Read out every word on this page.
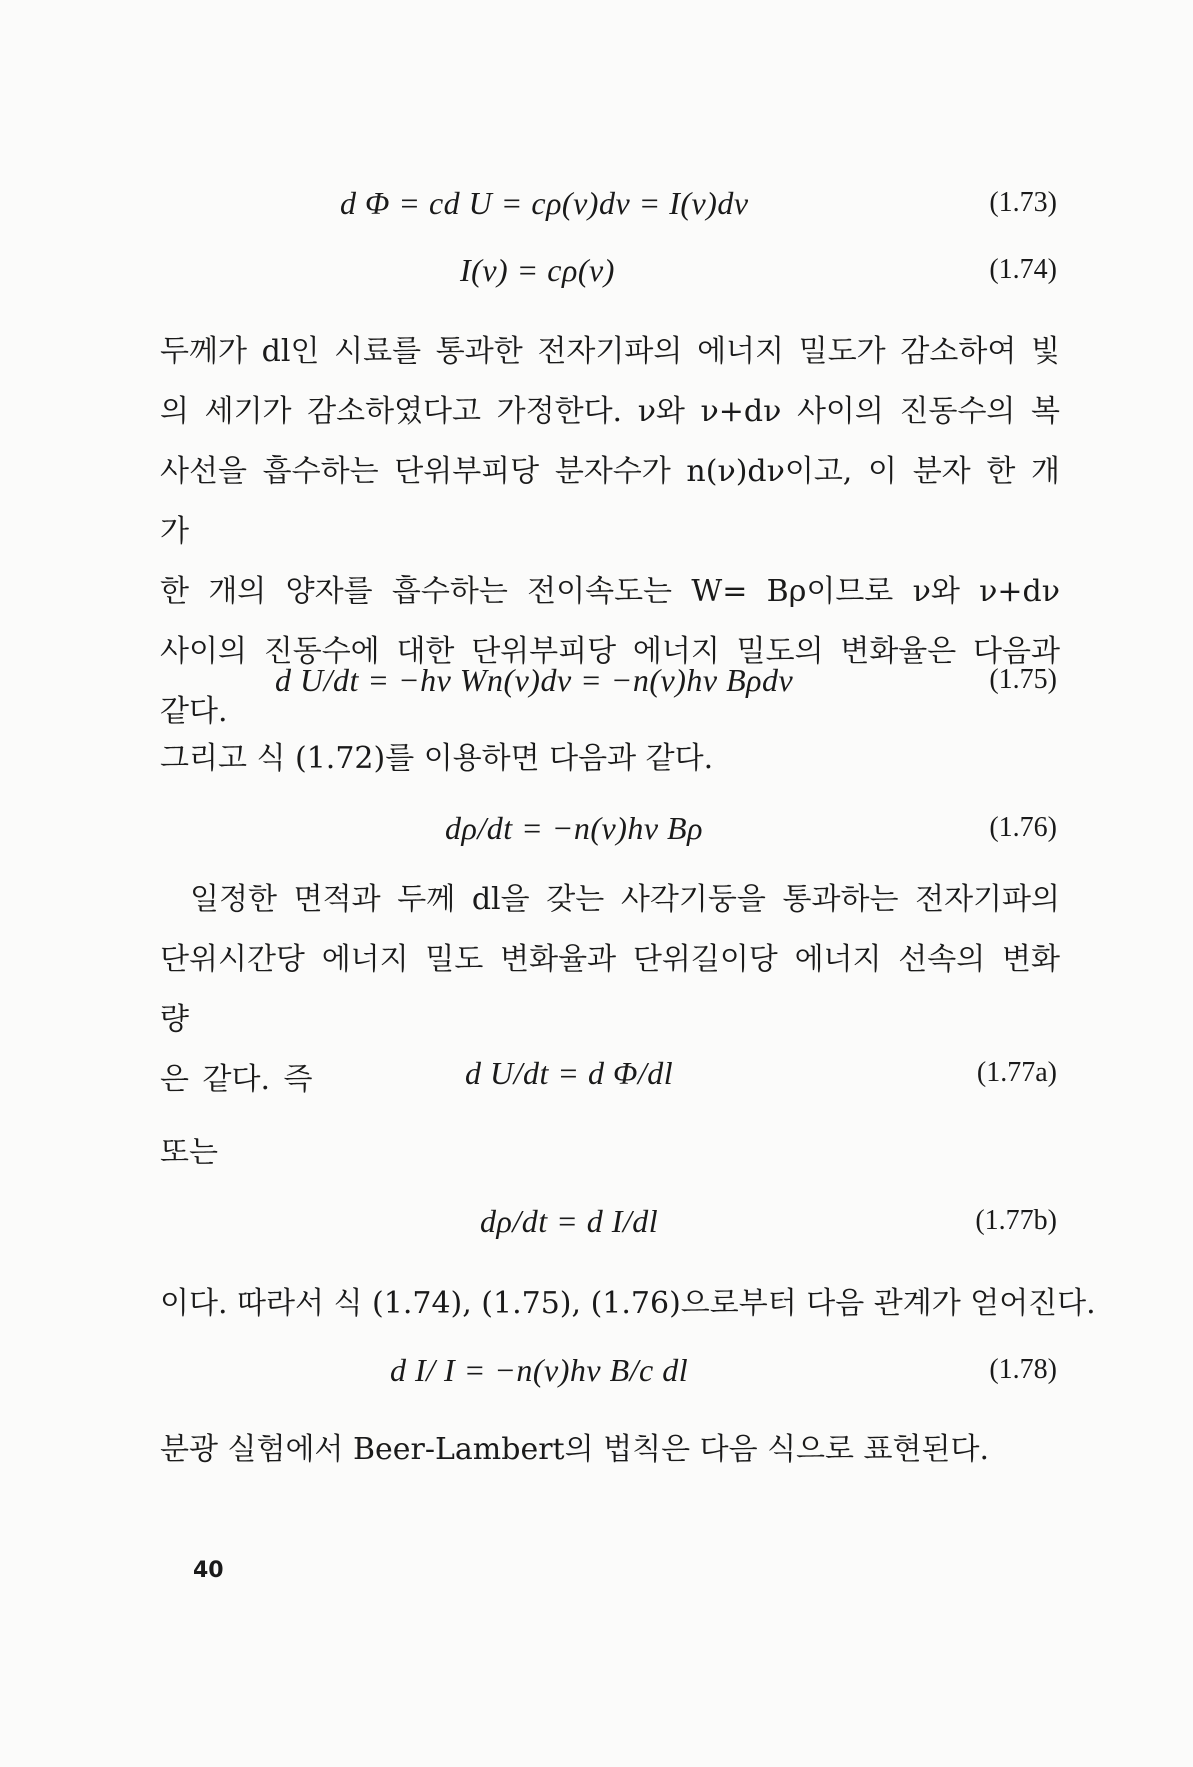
d Φ = cd U = cρ(ν)dν = I(ν)dν	(1.73)
I(ν) = cρ(ν)	(1.74)
두께가 dl인 시료를 통과한 전자기파의 에너지 밀도가 감소하여 빛
의 세기가 감소하였다고 가정한다. ν와 ν+dν 사이의 진동수의 복
사선을 흡수하는 단위부피당 분자수가 n(ν)dν이고, 이 분자 한 개가
한 개의 양자를 흡수하는 전이속도는 W= Bρ이므로 ν와 ν+dν
사이의 진동수에 대한 단위부피당 에너지 밀도의 변화율은 다음과
같다.
d U/dt = −hν Wn(ν)dν = −n(ν)hν Bρdν	(1.75)
그리고 식 (1.72)를 이용하면 다음과 같다.
dρ/dt = −n(ν)hν Bρ	(1.76)
일정한 면적과 두께 dl을 갖는 사각기둥을 통과하는 전자기파의
단위시간당 에너지 밀도 변화율과 단위길이당 에너지 선속의 변화량
은 같다. 즉	d U/dt = d Φ/dl	(1.77a)
또는
dρ/dt = d I/dl	(1.77b)
이다. 따라서 식 (1.74), (1.75), (1.76)으로부터 다음 관계가 얻어진다.
d I/ I = −n(ν)hν B/c dl	(1.78)
분광 실험에서 Beer-Lambert의 법칙은 다음 식으로 표현된다.
40
